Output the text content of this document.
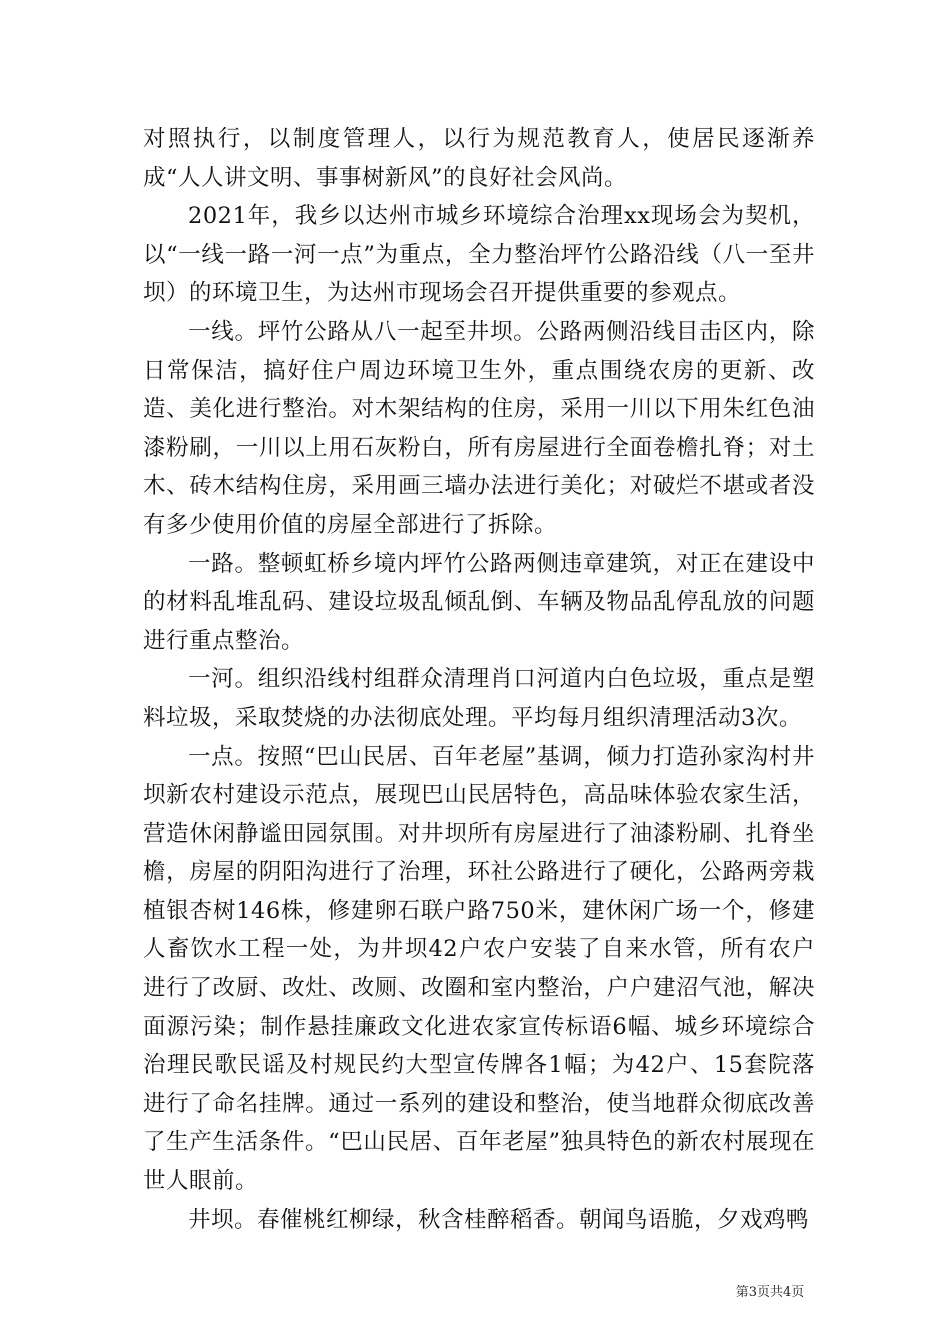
对照执行，以制度管理人，以行为规范教育人，使居民逐渐养成“人人讲文明、事事树新风”的良好社会风尚。

2021年，我乡以达州市城乡环境综合治理xx现场会为契机，以“一线一路一河一点”为重点，全力整治坪竹公路沿线（八一至井坝）的环境卫生，为达州市现场会召开提供重要的参观点。

一线。坪竹公路从八一起至井坝。公路两侧沿线目击区内，除日常保洁，搞好住户周边环境卫生外，重点围绕农房的更新、改造、美化进行整治。对木架结构的住房，采用一川以下用朱红色油漆粉刷，一川以上用石灰粉白，所有房屋进行全面卷檐扎脊；对土木、砖木结构住房，采用画三墙办法进行美化；对破烂不堪或者没有多少使用价值的房屋全部进行了拆除。

一路。整顿虹桥乡境内坪竹公路两侧违章建筑，对正在建设中的材料乱堆乱码、建设垃圾乱倾乱倒、车辆及物品乱停乱放的问题进行重点整治。

一河。组织沿线村组群众清理肖口河道内白色垃圾，重点是塑料垃圾，采取焚烧的办法彻底处理。平均每月组织清理活动3次。

一点。按照“巴山民居、百年老屋”基调，倾力打造孙家沟村井坝新农村建设示范点，展现巴山民居特色，高品味体验农家生活，营造休闲静谧田园氛围。对井坝所有房屋进行了油漆粉刷、扎脊坐檐，房屋的阴阳沟进行了治理，环社公路进行了硬化，公路两旁栽植银杏树146株，修建卵石联户路750米，建休闲广场一个，修建人畜饮水工程一处，为井坝42户农户安装了自来水管，所有农户进行了改厨、改灶、改厕、改圈和室内整治，户户建沼气池，解决面源污染；制作悬挂廉政文化进农家宣传标语6幅、城乡环境综合治理民歌民谣及村规民约大型宣传牌各1幅；为42户、15套院落进行了命名挂牌。通过一系列的建设和整治，使当地群众彻底改善了生产生活条件。“巴山民居、百年老屋”独具特色的新农村展现在世人眼前。

井坝。春催桃红柳绿，秋含桂醉稻香。朝闻鸟语脆，夕戏鸡鸭

第3页共4页
